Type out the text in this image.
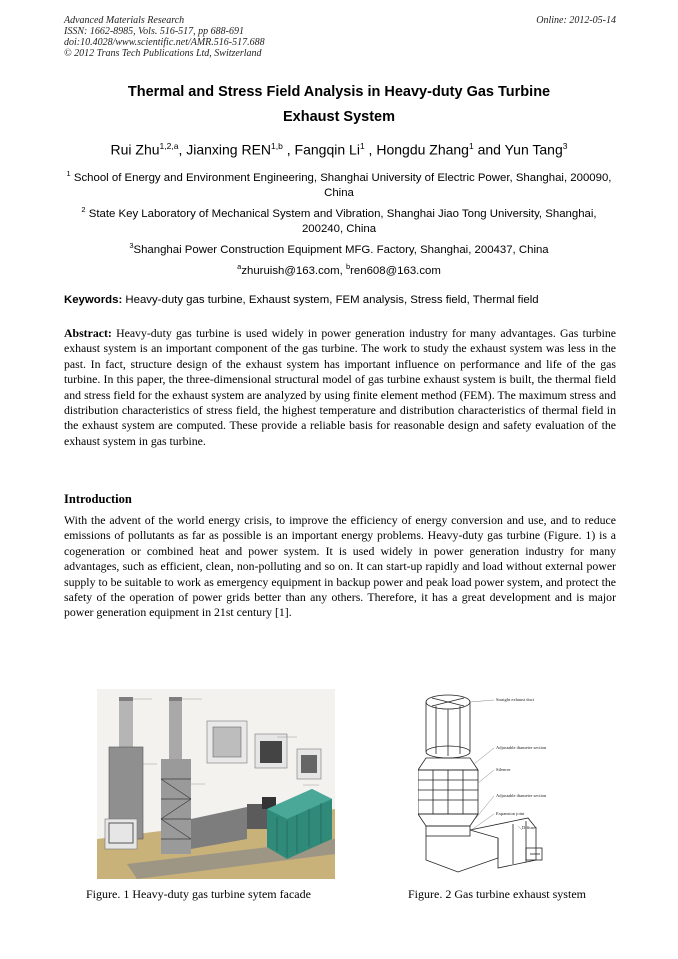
Advanced Materials Research
ISSN: 1662-8985, Vols. 516-517, pp 688-691
doi:10.4028/www.scientific.net/AMR.516-517.688
© 2012 Trans Tech Publications Ltd, Switzerland
Online: 2012-05-14
Thermal and Stress Field Analysis in Heavy-duty Gas Turbine
Exhaust System
Rui Zhu$^{1,2,a}$, Jianxing REN$^{1,b}$ , Fangqin Li$^1$ , Hongdu Zhang$^1$ and Yun Tang$^3$
$^1$ School of Energy and Environment Engineering, Shanghai University of Electric Power, Shanghai, 200090, China
$^2$ State Key Laboratory of Mechanical System and Vibration, Shanghai Jiao Tong University, Shanghai, 200240, China
$^3$Shanghai Power Construction Equipment MFG. Factory, Shanghai, 200437, China
$^a$zhuruish@163.com, $^b$ren608@163.com
Keywords: Heavy-duty gas turbine, Exhaust system, FEM analysis, Stress field, Thermal field
Abstract: Heavy-duty gas turbine is used widely in power generation industry for many advantages. Gas turbine exhaust system is an important component of the gas turbine. The work to study the exhaust system was less in the past. In fact, structure design of the exhaust system has important influence on performance and life of the gas turbine. In this paper, the three-dimensional structural model of gas turbine exhaust system is built, the thermal field and stress field for the exhaust system are analyzed by using finite element method (FEM). The maximum stress and distribution characteristics of stress field, the highest temperature and distribution characteristics of thermal field in the exhaust system are computed. These provide a reliable basis for reasonable design and safety evaluation of the exhaust system in gas turbine.
Introduction
With the advent of the world energy crisis, to improve the efficiency of energy conversion and use, and to reduce emissions of pollutants as far as possible is an important energy problems. Heavy-duty gas turbine (Figure. 1) is a cogeneration or combined heat and power system. It is used widely in power generation industry for many advantages, such as efficient, clean, non-polluting and so on. It can start-up rapidly and load without external power supply to be suitable to work as emergency equipment in backup power and peak load power system, and protect the safety of the operation of power grids better than any others. Therefore, it has a great development and is major power generation equipment in 21st century [1].
Straight exhaust duct
Adjustable diameter section
Silencer
Adjustable diameter section
Expansion joint
Diffuser
Figure. 1 Heavy-duty gas turbine sytem facade	Figure. 2 Gas turbine exhaust system
